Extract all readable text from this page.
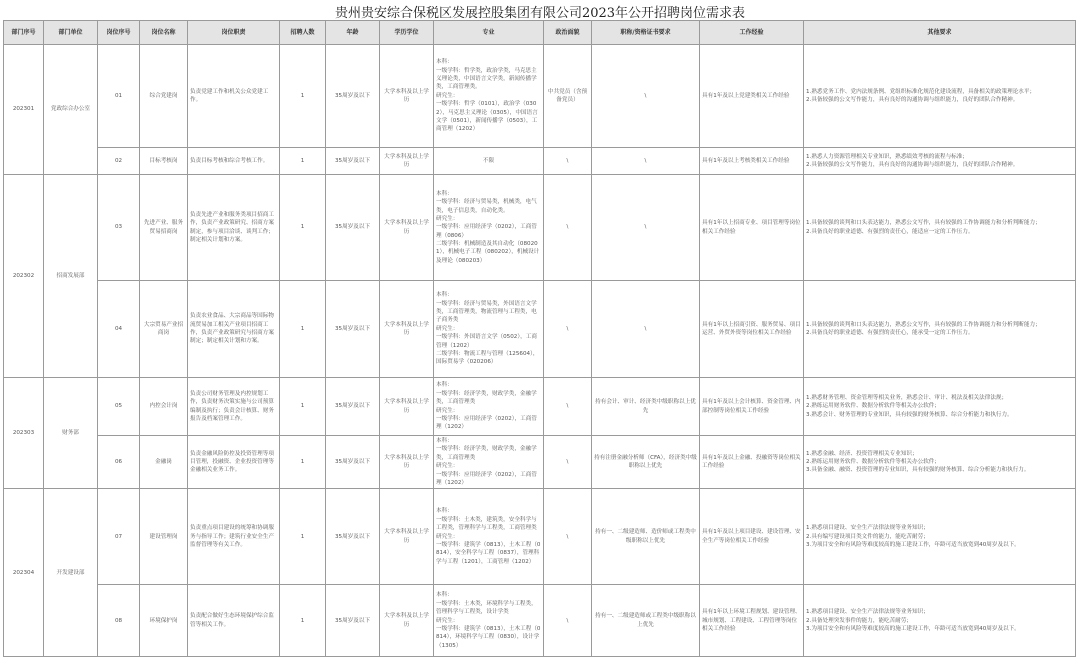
贵州贵安综合保税区发展控股集团有限公司2023年公开招聘岗位需求表
部门序号	部门单位	岗位序号	岗位名称	岗位职责	招聘人数	年龄	学历学位	专业	政治面貌	职称/资格证书要求	工作经验	其他要求
202301	党政综合办公室	01	综合党建岗	负责党建工作和机关公众党建工作。	1	35周岁及以下	大学本科及以上学历	本科：
一级学科：哲学类，政治学类，马克思主义理论类，中国语言文学类，新闻传播学类，工商管理类。
研究生：
一级学科：哲学（0101），政治学（0302），马克思主义理论（0305），中国语言文学（0501），新闻传播学（0503），工商管理（1202）	中共党员（含预备党员）	\	具有1年及以上党建类相关工作经验	1.熟悉党务工作、党内法规条例、党组织标准化规范化建设流程，具备相关的政策理论水平；
2.具备较强的公文写作能力，具有良好的沟通协调与组织能力，良好的团队合作精神。
		02	目标考核岗	负责目标考核和综合考核工作。	1	35周岁及以下	大学本科及以上学历	不限	\	\	具有1年及以上考核类相关工作经验	1.熟悉人力资源管理相关专业知识，熟悉绩效考核的流程与标准；
2.具备较强的公文写作能力，具有良好的沟通协调与组织能力，良好的团队合作精神。
202302	招商发展部	03	先进产业、服务贸易招商岗	负责先进产业和服务类项目招商工作，负责产业政策研究、招商方案制定，参与项目洽谈、谈判工作；制定相关计划和方案。	1	35周岁及以下	大学本科及以上学历	本科：
一级学科：经济与贸易类，机械类，电气类，电子信息类，自动化类。
研究生：
一级学科：应用经济学（0202），工商管理（0806）
二级学科：机械制造及其自动化（080201），机械电子工程（080202），机械设计及理论（080203）	\	\	具有1年以上招商专业、项目管理等岗位相关工作经验	1.具备较强的谈判和口头表达能力，熟悉公文写作，具有较强的工作协调能力和分析判断能力；
2.具备良好的职业道德、有强烈的责任心，能适应一定的工作压力。
		04	大宗贸易产业招商岗	负责农业食品、大宗商品等国际物流贸易加工相关产业项目招商工作，负责产业政策研究与招商方案制定；制定相关计划和方案。	1	35周岁及以下	大学本科及以上学历	本科：
一级学科：经济与贸易类，外国语言文学类，工商管理类，物流管理与工程类，电子商务类
研究生：
一级学科：外国语言文学（0502），工商管理（1202）
二级学科：物流工程与管理（125604），国际贸易学（020206）	\	\	具有1年以上招商引资、服务贸易、项目运营、外贸外资等岗位相关工作经验	1.具备较强的谈判和口头表达能力，熟悉公文写作，具有较强的工作协调能力和分析判断能力；
2.具备良好的职业道德、有强烈的责任心，能承受一定的工作压力。
202303	财务部	05	内控会计岗	负责公司财务管理及内控规划工作，负责财务决策实施与公司预算编制及执行；负责会计核算、财务报告及档案管理工作。	1	35周岁及以下	大学本科及以上学历	本科：
一级学科：经济学类，财政学类，金融学类，工商管理类
研究生：
一级学科：应用经济学（0202），工商管理（1202）	\	持有会计、审计、经济类中级职称以上优先	具有1年及以上会计核算、资金管理、内部控制等岗位相关工作经验	1.熟悉财务管理、资金管理等相关业务，熟悉会计、审计、税法及相关法律法规；
2.熟练运用财务软件、数据分析软件等相关办公软件；
3.熟悉会计、财务管理的专业知识，具有较强的财务核算、综合分析能力和执行力。
		06	金融岗	负责金融风险防控及投资管理等项目管理，投融资、企业投资管理等金融相关业务工作。	1	35周岁及以下	大学本科及以上学历	本科：
一级学科：经济学类，财政学类，金融学类，工商管理类
研究生：
一级学科：应用经济学（0202），工商管理（1202）	\	持有注册金融分析师（CFA），经济类中级职称以上优先	具有1年及以上金融、投融资等岗位相关工作经验	1.熟悉金融、经济、投资管理相关专业知识；
2.熟练运用财务软件、数据分析软件等相关办公软件；
3.具备金融、融资、投资管理的专业知识，具有较强的财务核算、综合分析能力和执行力。
202304	开发建设部	07	建设管理岗	负责重点项目建设的统筹和协调服务与指导工作；建筑行业安全生产监督管理等有关工作。	1	35周岁及以下	大学本科及以上学历	本科：
一级学科：土木类，建筑类，安全科学与工程类，管理科学与工程类，工商管理类
研究生：
一级学科：建筑学（0813），土木工程（0814），安全科学与工程（0837），管理科学与工程（1201），工商管理（1202）	\	持有一、二级建造师、造价师或工程类中级职称以上优先	具有1年及以上项目建设、建设管理、安全生产等岗位相关工作经验	1.熟悉项目建设、安全生产法律法规等业务知识；
2.具有编写建设项目类文件的能力，能吃苦耐劳；
3.为项目安全和有风险等难度较高的施工建设工作，年龄可适当放宽到40周岁及以下。
		08	环境保护岗	负责配合做好生态环境保护综合监管等相关工作。	1	35周岁及以下	大学本科及以上学历	本科：
一级学科：土木类，环境科学与工程类，管理科学与工程类，设计学类
研究生：
一级学科：建筑学（0813），土木工程（0814），环境科学与工程（0830），设计学（1305）	\	持有一、二级建造师或工程类中级职称以上优先	具有1年以上环境工程规划、建设管理、城市规划、工程建设、工程管理等岗位相关工作经验	1.熟悉项目建设、安全生产法律法规等业务知识；
2.具备处理突发事件的能力，能吃苦耐劳；
3.为项目安全和有风险等难度较高的施工建设工作，年龄可适当放宽到40周岁及以下。
